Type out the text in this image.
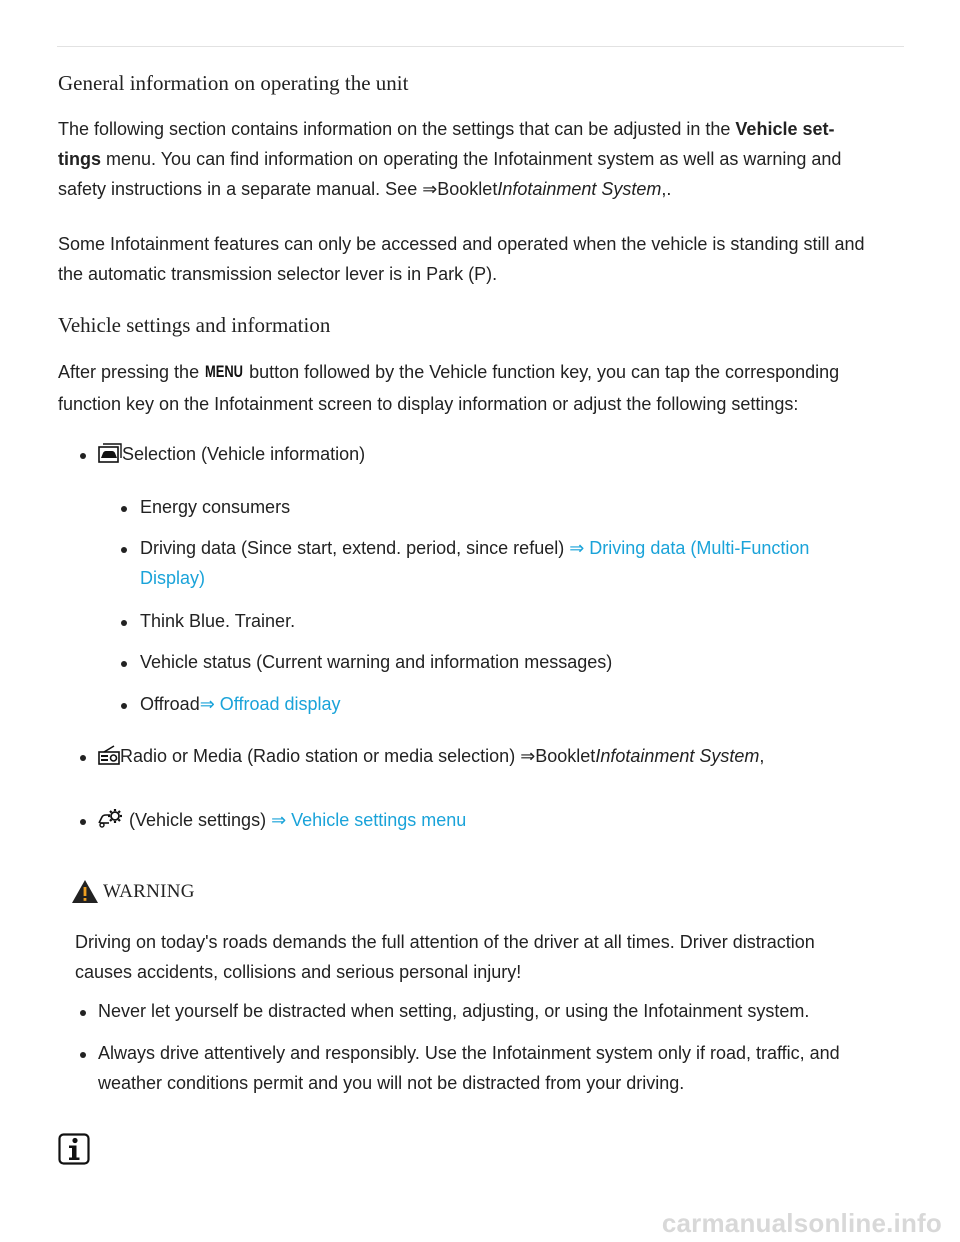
General information on operating the unit
The following section contains information on the settings that can be adjusted in the Vehicle set-
tings menu. You can find information on operating the Infotainment system as well as warning and
safety instructions in a separate manual. See ⇒BookletInfotainment System,.
Some Infotainment features can only be accessed and operated when the vehicle is standing still and
the automatic transmission selector lever is in Park (P).
Vehicle settings and information
After pressing the MENU button followed by the Vehicle function key, you can tap the corresponding
function key on the Infotainment screen to display information or adjust the following settings:
Selection (Vehicle information)
Energy consumers
Driving data (Since start, extend. period, since refuel) ⇒ Driving data (Multi-Function
Display)
Think Blue. Trainer.
Vehicle status (Current warning and information messages)
Offroad⇒ Offroad display
Radio or Media (Radio station or media selection) ⇒BookletInfotainment System,
(Vehicle settings) ⇒ Vehicle settings menu
WARNING
Driving on today's roads demands the full attention of the driver at all times. Driver distraction
causes accidents, collisions and serious personal injury!
Never let yourself be distracted when setting, adjusting, or using the Infotainment system.
Always drive attentively and responsibly. Use the Infotainment system only if road, traffic, and
weather conditions permit and you will not be distracted from your driving.
carmanualsonline.info
